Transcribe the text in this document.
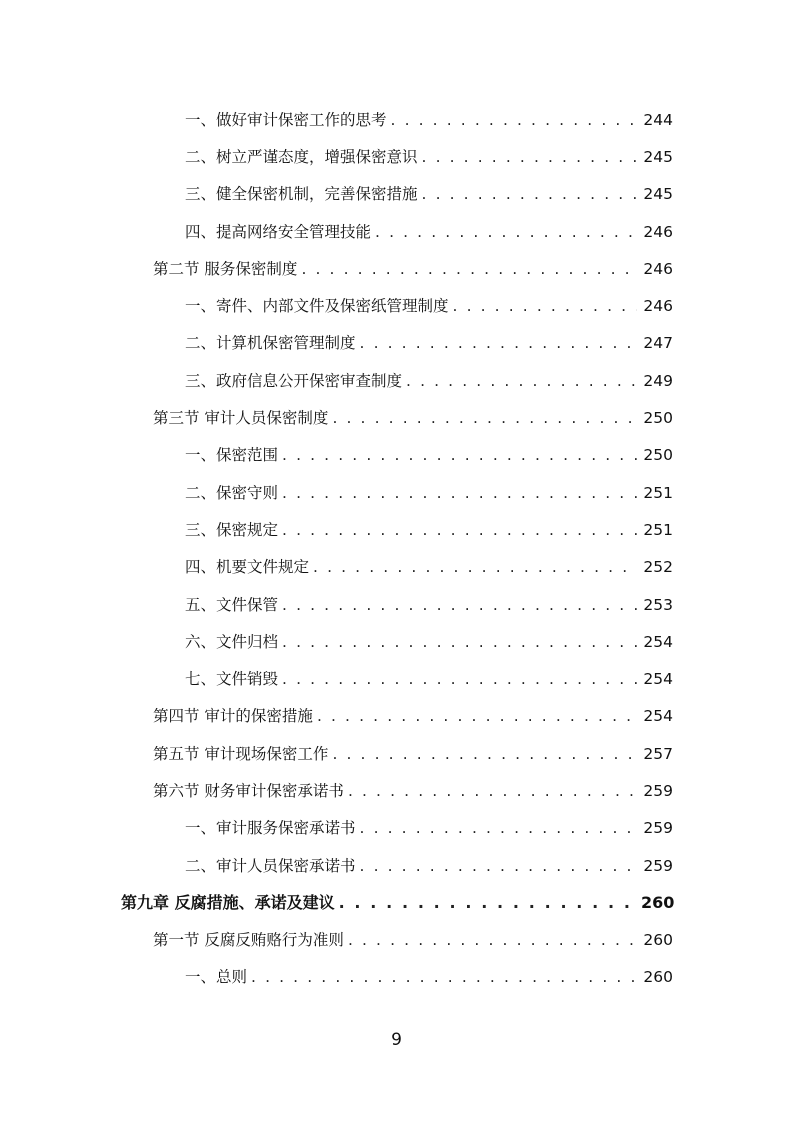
一、做好审计保密工作的思考 . . .	244
二、树立严谨态度，增强保密意识 . . .	245
三、健全保密机制，完善保密措施 . . .	245
四、提高网络安全管理技能 . . .	246
第二节 服务保密制度 . . .	246
一、寄件、内部文件及保密纸管理制度 . . .	246
二、计算机保密管理制度 . . .	247
三、政府信息公开保密审查制度 . . .	249
第三节 审计人员保密制度 . . .	250
一、保密范围 . . .	250
二、保密守则 . . .	251
三、保密规定 . . .	251
四、机要文件规定 . . .	252
五、文件保管 . . .	253
六、文件归档 . . .	254
七、文件销毁 . . .	254
第四节 审计的保密措施 . . .	254
第五节 审计现场保密工作 . . .	257
第六节 财务审计保密承诺书 . . .	259
一、审计服务保密承诺书 . . .	259
二、审计人员保密承诺书 . . .	259
第九章 反腐措施、承诺及建议 . . .	260
第一节 反腐反贿赂行为准则 . . .	260
一、总则 . . .	260
9
